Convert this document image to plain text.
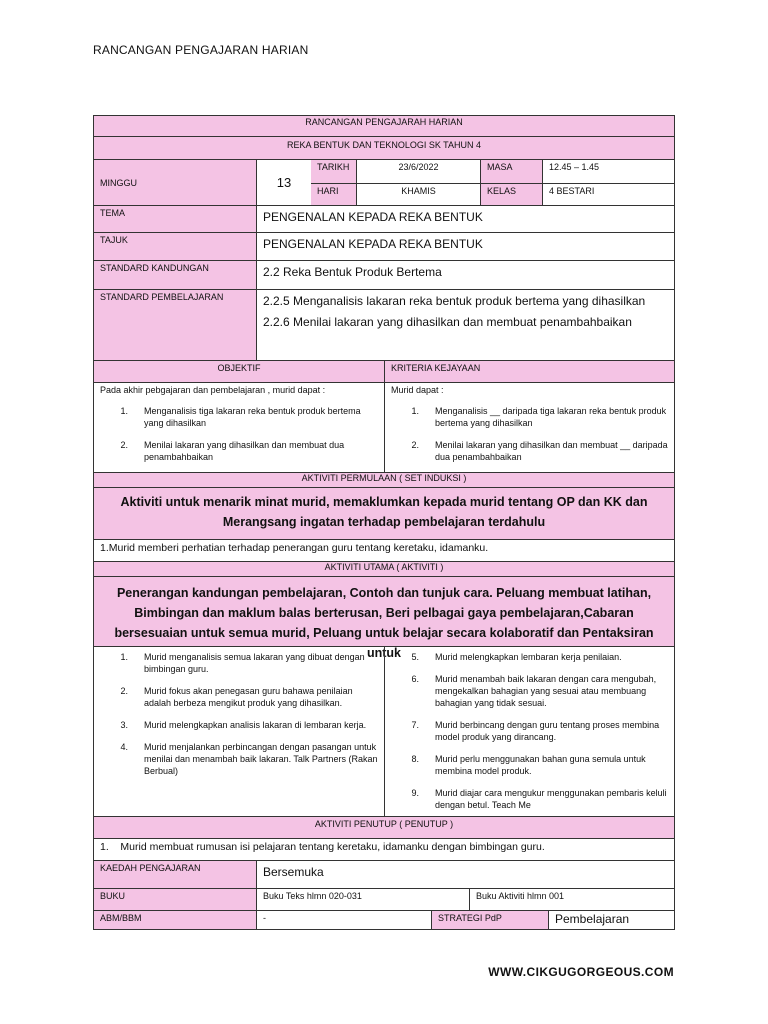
RANCANGAN PENGAJARAN HARIAN
RANCANGAN PENGAJARAH HARIAN
REKA BENTUK DAN TEKNOLOGI SK TAHUN 4
MINGGU	13
TARIKH	23/6/2022	MASA	12.45 – 1.45
HARI	KHAMIS	KELAS	4 BESTARI
TEMA	PENGENALAN KEPADA REKA BENTUK
TAJUK	PENGENALAN KEPADA REKA BENTUK
STANDARD KANDUNGAN	2.2 Reka Bentuk Produk Bertema
STANDARD PEMBELAJARAN	2.2.5 Menganalisis lakaran reka bentuk produk bertema yang dihasilkan
2.2.6 Menilai lakaran yang dihasilkan dan membuat penambahbaikan
OBJEKTIF	KRITERIA KEJAYAAN
Pada akhir pebgajaran dan pembelajaran , murid dapat :
1.	Menganalisis tiga lakaran reka bentuk produk bertema yang dihasilkan
2.	Menilai lakaran yang dihasilkan dan membuat dua penambahbaikan
Murid dapat :
1.	Menganalisis __ daripada tiga lakaran reka bentuk produk bertema yang dihasilkan
2.	Menilai lakaran yang dihasilkan dan membuat __ daripada dua penambahbaikan
AKTIVITI PERMULAAN ( SET INDUKSI )
Aktiviti untuk menarik minat murid, memaklumkan kepada murid tentang OP dan KK dan Merangsang ingatan terhadap pembelajaran terdahulu
1.Murid memberi perhatian terhadap penerangan guru tentang keretaku, idamanku.
AKTIVITI UTAMA ( AKTIVITI )
Penerangan kandungan pembelajaran, Contoh dan tunjuk cara. Peluang membuat latihan, Bimbingan dan maklum balas berterusan, Beri pelbagai gaya pembelajaran,Cabaran bersesuaian untuk semua murid, Peluang untuk belajar secara kolaboratif dan Pentaksiran untuk
1.	Murid menganalisis semua lakaran yang dibuat dengan bimbingan guru.
2.	Murid fokus akan penegasan guru bahawa penilaian adalah berbeza mengikut produk yang dihasilkan.
3.	Murid melengkapkan analisis lakaran di lembaran kerja.
4.	Murid menjalankan perbincangan dengan pasangan untuk menilai dan menambah baik lakaran. Talk Partners (Rakan Berbual)
5.	Murid melengkapkan lembaran kerja penilaian.
6.	Murid menambah baik lakaran dengan cara mengubah, mengekalkan bahagian yang sesuai atau membuang bahagian yang tidak sesuai.
7.	Murid berbincang dengan guru tentang proses membina model produk yang dirancang.
8.	Murid perlu menggunakan bahan guna semula untuk membina model produk.
9.	Murid diajar cara mengukur menggunakan pembaris keluli dengan betul. Teach Me
AKTIVITI PENUTUP ( PENUTUP )
1.    Murid membuat rumusan isi pelajaran tentang keretaku, idamanku dengan bimbingan guru.
KAEDAH PENGAJARAN	Bersemuka
BUKU	Buku Teks hlmn 020-031	Buku Aktiviti hlmn 001
ABM/BBM	-	STRATEGI PdP	Pembelajaran
WWW.CIKGUGORGEOUS.COM
